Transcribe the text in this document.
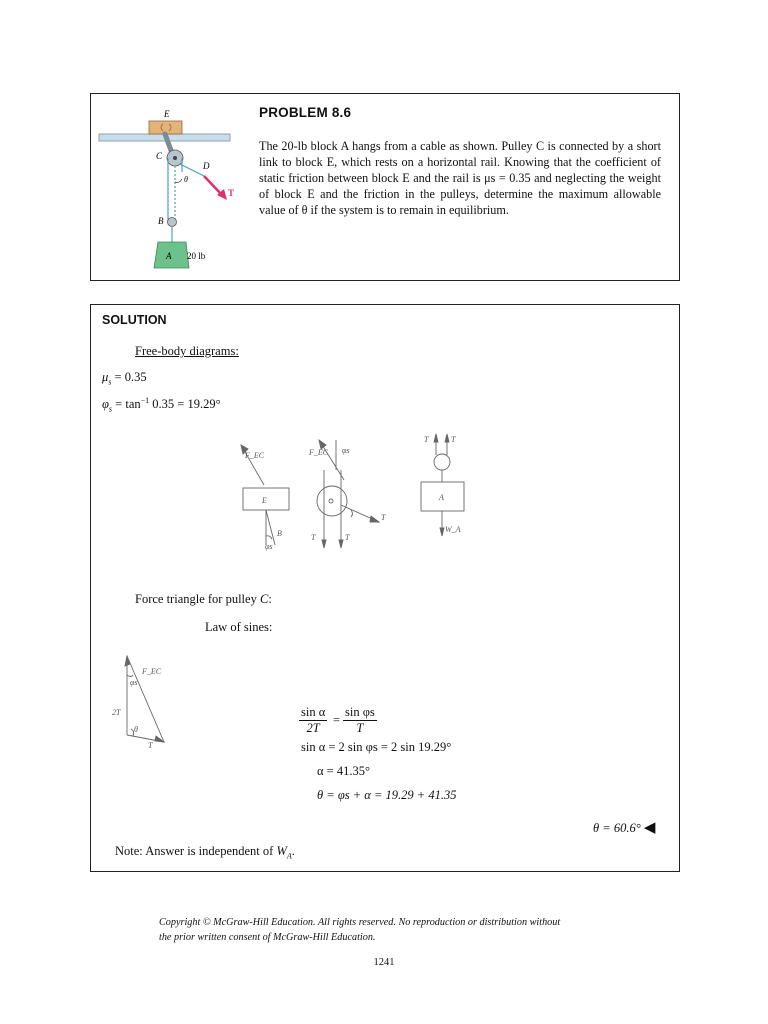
E
C
D
θ
T
B
A 20 lb
PROBLEM 8.6

The 20-lb block A hangs from a cable as shown. Pulley C is connected by a short link to block E, which rests on a horizontal rail. Knowing that the coefficient of static friction between block E and the rail is μs = 0.35 and neglecting the weight of block E and the friction in the pulleys, determine the maximum allowable value of θ if the system is to remain in equilibrium.

SOLUTION
Free-body diagrams:
$\mu_s = 0.35$
$\varphi_s = \tan^{-1} 0.35 = 19.29^\circ$
F_EC
E
B
φs
F_EC φs
T	T
T
T	T
A
W_A
Force triangle for pulley C:
Law of sines:
F_EC
φs
2T
θ
T
$\frac{\text{sin α}}{2T} = \frac{\text{sin φs}}{T}$
sin α = 2 sin φs = 2 sin 19.29°
α = 41.35°
θ = φs + α = 19.29 + 41.35
θ = 60.6° ◀
Note: Answer is independent of $W_A$.

Copyright © McGraw-Hill Education. All rights reserved. No reproduction or distribution without
the prior written consent of McGraw-Hill Education.

1241
